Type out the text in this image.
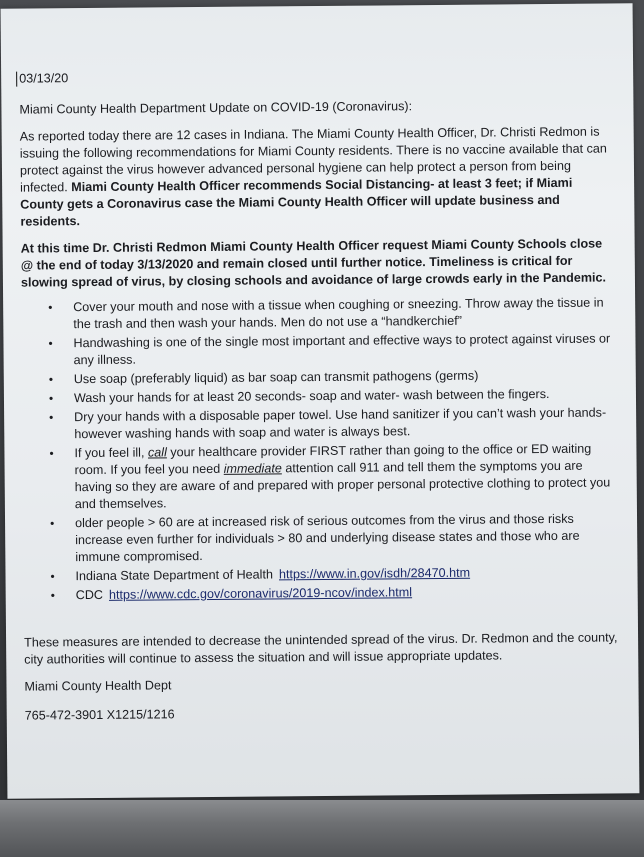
03/13/20
Miami County Health Department Update on COVID-19 (Coronavirus):

As reported today there are 12 cases in Indiana. The Miami County Health Officer, Dr. Christi Redmon is issuing the following recommendations for Miami County residents. There is no vaccine available that can protect against the virus however advanced personal hygiene can help protect a person from being infected. Miami County Health Officer recommends Social Distancing- at least 3 feet; if Miami County gets a Coronavirus case the Miami County Health Officer will update business and residents.

At this time Dr. Christi Redmon Miami County Health Officer request Miami County Schools close @ the end of today 3/13/2020 and remain closed until further notice. Timeliness is critical for slowing spread of virus, by closing schools and avoidance of large crowds early in the Pandemic.
• Cover your mouth and nose with a tissue when coughing or sneezing. Throw away the tissue in the trash and then wash your hands. Men do not use a “handkerchief”
• Handwashing is one of the single most important and effective ways to protect against viruses or any illness.
• Use soap (preferably liquid) as bar soap can transmit pathogens (germs)
• Wash your hands for at least 20 seconds- soap and water- wash between the fingers.
• Dry your hands with a disposable paper towel. Use hand sanitizer if you can’t wash your hands- however washing hands with soap and water is always best.
• If you feel ill, call your healthcare provider FIRST rather than going to the office or ED waiting room. If you feel you need immediate attention call 911 and tell them the symptoms you are having so they are aware of and prepared with proper personal protective clothing to protect you and themselves.
• older people > 60 are at increased risk of serious outcomes from the virus and those risks increase even further for individuals > 80 and underlying disease states and those who are immune compromised.
• Indiana State Department of Health https://www.in.gov/isdh/28470.htm
• CDC https://www.cdc.gov/coronavirus/2019-ncov/index.html
These measures are intended to decrease the unintended spread of the virus. Dr. Redmon and the county, city authorities will continue to assess the situation and will issue appropriate updates.
Miami County Health Dept
765-472-3901 X1215/1216
